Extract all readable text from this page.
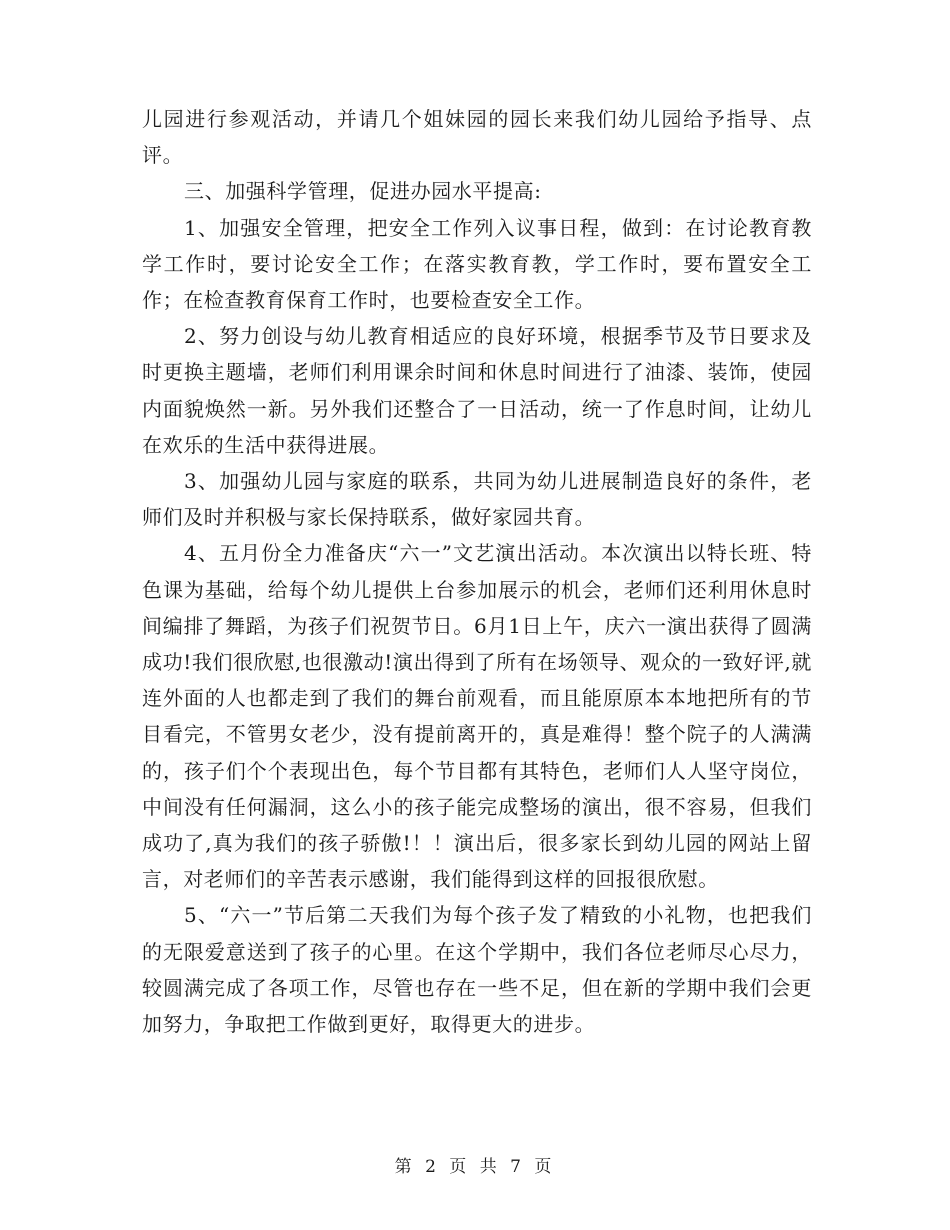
儿园进行参观活动，并请几个姐妹园的园长来我们幼儿园给予指导、点评。

三、加强科学管理，促进办园水平提高:

1、加强安全管理，把安全工作列入议事日程，做到：在讨论教育教学工作时，要讨论安全工作；在落实教育教，学工作时，要布置安全工作；在检查教育保育工作时，也要检查安全工作。

2、努力创设与幼儿教育相适应的良好环境，根据季节及节日要求及时更换主题墙，老师们利用课余时间和休息时间进行了油漆、装饰，使园内面貌焕然一新。另外我们还整合了一日活动，统一了作息时间，让幼儿在欢乐的生活中获得进展。

3、加强幼儿园与家庭的联系，共同为幼儿进展制造良好的条件，老师们及时并积极与家长保持联系，做好家园共育。

4、五月份全力准备庆“六一”文艺演出活动。本次演出以特长班、特色课为基础，给每个幼儿提供上台参加展示的机会，老师们还利用休息时间编排了舞蹈，为孩子们祝贺节日。6月1日上午，庆六一演出获得了圆满成功!我们很欣慰,也很激动!演出得到了所有在场领导、观众的一致好评,就连外面的人也都走到了我们的舞台前观看，而且能原原本本地把所有的节目看完，不管男女老少，没有提前离开的，真是难得！整个院子的人满满的，孩子们个个表现出色，每个节目都有其特色，老师们人人坚守岗位，中间没有任何漏洞，这么小的孩子能完成整场的演出，很不容易，但我们成功了,真为我们的孩子骄傲!！！演出后，很多家长到幼儿园的网站上留言，对老师们的辛苦表示感谢，我们能得到这样的回报很欣慰。

5、“六一”节后第二天我们为每个孩子发了精致的小礼物，也把我们的无限爱意送到了孩子的心里。在这个学期中，我们各位老师尽心尽力，较圆满完成了各项工作，尽管也存在一些不足，但在新的学期中我们会更加努力，争取把工作做到更好，取得更大的进步。

第 2 页 共 7 页
